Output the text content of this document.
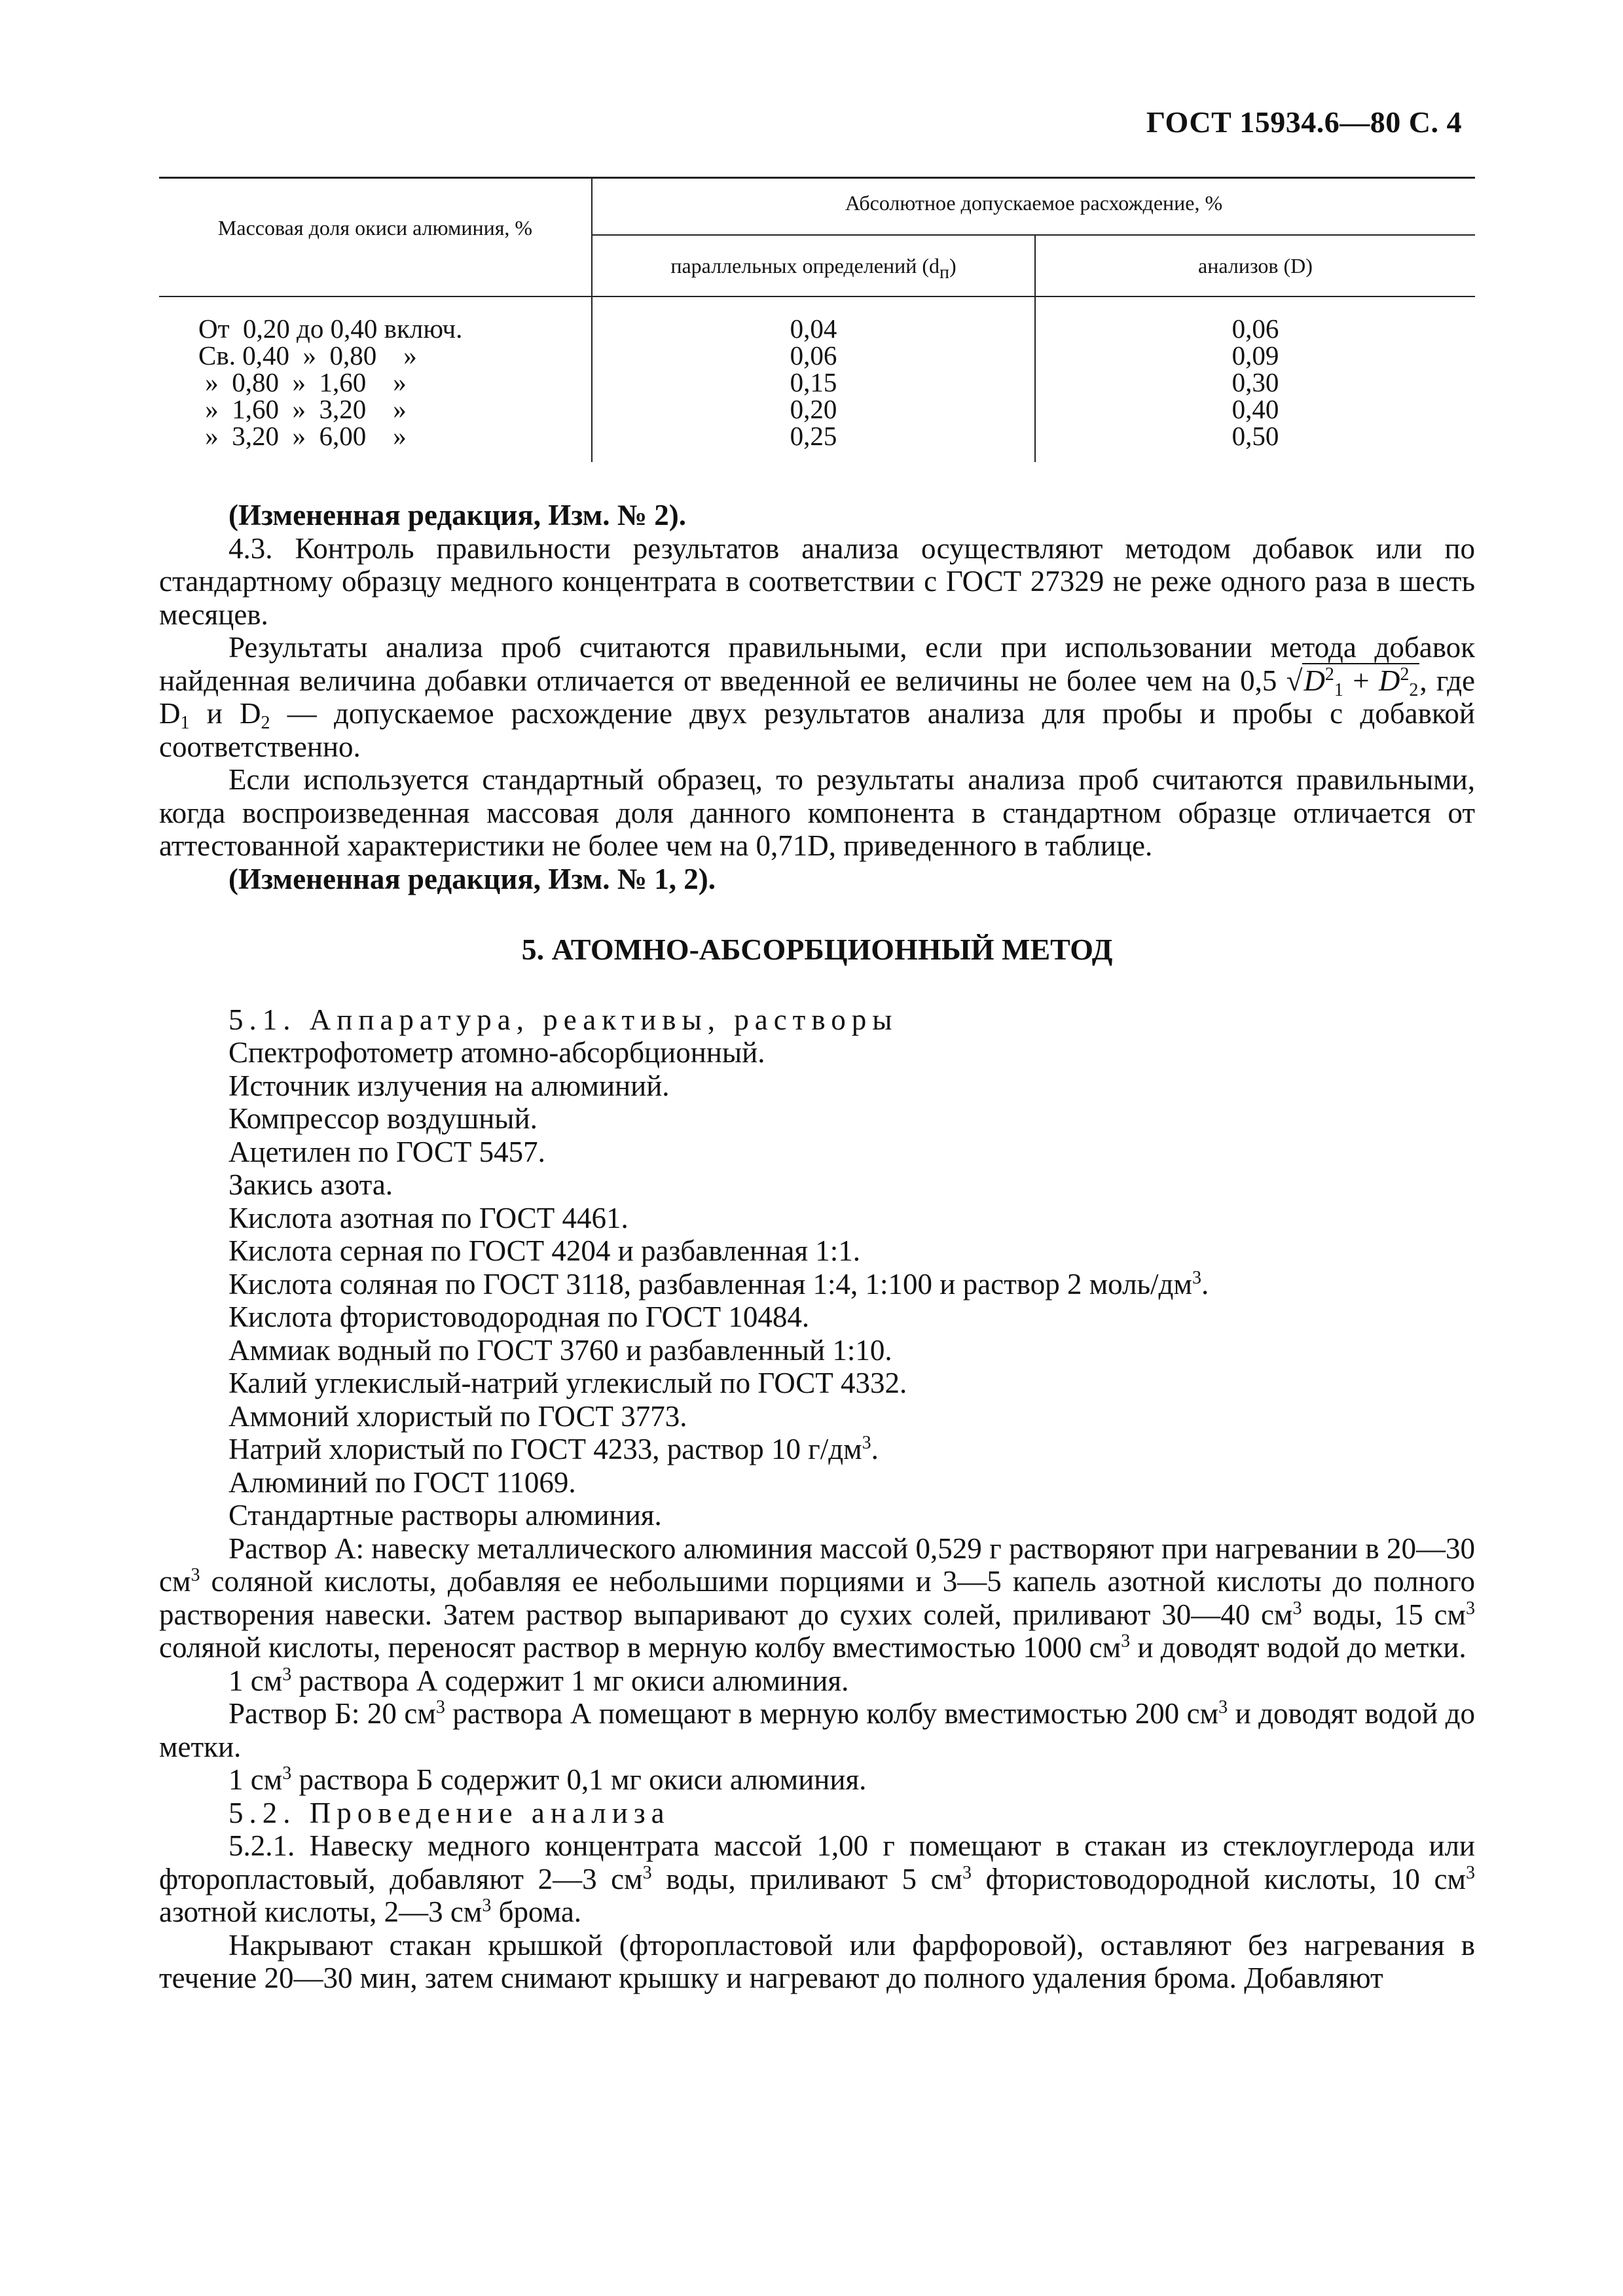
ГОСТ 15934.6—80 С. 4
Массовая доля окиси алюминия, %
Абсолютное допускаемое расхождение, %
параллельных определений $(d_п)$	анализов (D)
От  0,20 до 0,40 включ.	0,04	0,06
Св. 0,40  »  0,80    »	0,06	0,09
»  0,80  »  1,60    »	0,15	0,30
»  1,60  »  3,20    »	0,20	0,40
»  3,20  »  6,00    »	0,25	0,50

(Измененная редакция, Изм. № 2).

4.3. Контроль правильности результатов анализа осуществляют методом добавок или по стандартному образцу медного концентрата в соответствии с ГОСТ 27329 не реже одного раза в шесть месяцев.

Результаты анализа проб считаются правильными, если при использовании метода добавок найденная величина добавки отличается от введенной ее величины не более чем на 0,5 $√D^2_1 + D^2_2$, где $D_1$ и $D_2$ — допускаемое расхождение двух результатов анализа для пробы и пробы с добавкой соответственно.

Если используется стандартный образец, то результаты анализа проб считаются правильными, когда воспроизведенная массовая доля данного компонента в стандартном образце отличается от аттестованной характеристики не более чем на 0,71D, приведенного в таблице.

(Измененная редакция, Изм. № 1, 2).

5. АТОМНО-АБСОРБЦИОННЫЙ МЕТОД

5.1. Аппаратура, реактивы, растворы

Спектрофотометр атомно-абсорбционный.
Источник излучения на алюминий.
Компрессор воздушный.
Ацетилен по ГОСТ 5457.
Закись азота.
Кислота азотная по ГОСТ 4461.
Кислота серная по ГОСТ 4204 и разбавленная 1:1.
Кислота соляная по ГОСТ 3118, разбавленная 1:4, 1:100 и раствор 2 моль/$дм^3$.
Кислота фтористоводородная по ГОСТ 10484.
Аммиак водный по ГОСТ 3760 и разбавленный 1:10.
Калий углекислый-натрий углекислый по ГОСТ 4332.
Аммоний хлористый по ГОСТ 3773.
Натрий хлористый по ГОСТ 4233, раствор 10 $г/дм^3$.
Алюминий по ГОСТ 11069.
Стандартные растворы алюминия.

Раствор А: навеску металлического алюминия массой 0,529 г растворяют при нагревании в 20—30 $см^3$ соляной кислоты, добавляя ее небольшими порциями и 3—5 капель азотной кислоты до полного растворения навески. Затем раствор выпаривают до сухих солей, приливают 30—40 $см^3$ воды, 15 $см^3$ соляной кислоты, переносят раствор в мерную колбу вместимостью 1000 $см^3$ и доводят водой до метки.

1 $см^3$ раствора А содержит 1 мг окиси алюминия.

Раствор Б: 20 $см^3$ раствора А помещают в мерную колбу вместимостью 200 $см^3$ и доводят водой до метки.

1 $см^3$ раствора Б содержит 0,1 мг окиси алюминия.

5.2. Проведение анализа

5.2.1. Навеску медного концентрата массой 1,00 г помещают в стакан из стеклоуглерода или фторопластовый, добавляют 2—3 $см^3$ воды, приливают 5 $см^3$ фтористоводородной кислоты, 10 $см^3$ азотной кислоты, 2—3 $см^3$ брома.

Накрывают стакан крышкой (фторопластовой или фарфоровой), оставляют без нагревания в течение 20—30 мин, затем снимают крышку и нагревают до полного удаления брома. Добавляют
